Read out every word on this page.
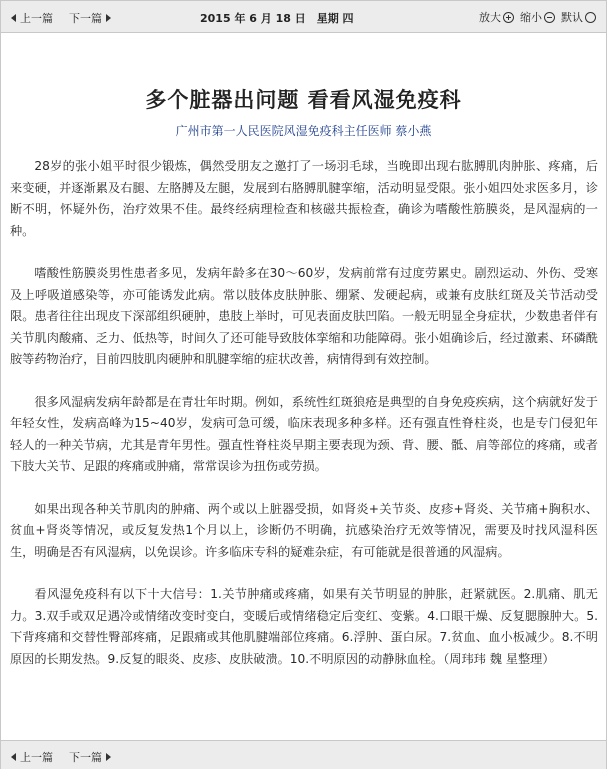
上一篇 下一篇	2015 年 6 月 18 日　星期 四	放大 缩小 默认
多个脏器出问题 看看风湿免疫科
广州市第一人民医院风湿免疫科主任医师 蔡小燕

28岁的张小姐平时很少锻炼，偶然受朋友之邀打了一场羽毛球，当晚即出现右肱膊肌肉肿胀、疼痛，后来变硬，并逐渐累及右腿、左胳膊及左腿，发展到右胳膊肌腱挛缩，活动明显受限。张小姐四处求医多月，诊断不明，怀疑外伤，治疗效果不佳。最终经病理检查和核磁共振检查，确诊为嗜酸性筋膜炎，是风湿病的一种。

嗜酸性筋膜炎男性患者多见，发病年龄多在30～60岁，发病前常有过度劳累史。剧烈运动、外伤、受寒及上呼吸道感染等，亦可能诱发此病。常以肢体皮肤肿胀、绷紧、发硬起病，或兼有皮肤红斑及关节活动受限。患者往往出现皮下深部组织硬肿，患肢上举时，可见表面皮肤凹陷。一般无明显全身症状，少数患者伴有关节肌肉酸痛、乏力、低热等，时间久了还可能导致肢体挛缩和功能障碍。张小姐确诊后，经过激素、环磷酰胺等药物治疗，目前四肢肌肉硬肿和肌腱挛缩的症状改善，病情得到有效控制。

很多风湿病发病年龄都是在青壮年时期。例如，系统性红斑狼疮是典型的自身免疫疾病，这个病就好发于年轻女性，发病高峰为15~40岁，发病可急可缓，临床表现多种多样。还有强直性脊柱炎，也是专门侵犯年轻人的一种关节病，尤其是青年男性。强直性脊柱炎早期主要表现为颈、背、腰、骶、肩等部位的疼痛，或者下肢大关节、足跟的疼痛或肿痛，常常误诊为扭伤或劳损。

如果出现各种关节肌肉的肿痛、两个或以上脏器受损，如肾炎+关节炎、皮疹+肾炎、关节痛+胸积水、贫血+肾炎等情况，或反复发热1个月以上，诊断仍不明确，抗感染治疗无效等情况，需要及时找风湿科医生，明确是否有风湿病，以免误诊。许多临床专科的疑难杂症，有可能就是很普通的风湿病。

看风湿免疫科有以下十大信号：1.关节肿痛或疼痛，如果有关节明显的肿胀，赶紧就医。2.肌痛、肌无力。3.双手或双足遇冷或情绪改变时变白，变暖后或情绪稳定后变红、变紫。4.口眼干燥、反复腮腺肿大。5.下背疼痛和交替性臀部疼痛，足跟痛或其他肌腱端部位疼痛。6.浮肿、蛋白尿。7.贫血、血小板减少。8.不明原因的长期发热。9.反复的眼炎、皮疹、皮肤破溃。10.不明原因的动静脉血栓。（周玮玮 魏 星整理）

上一篇 下一篇
